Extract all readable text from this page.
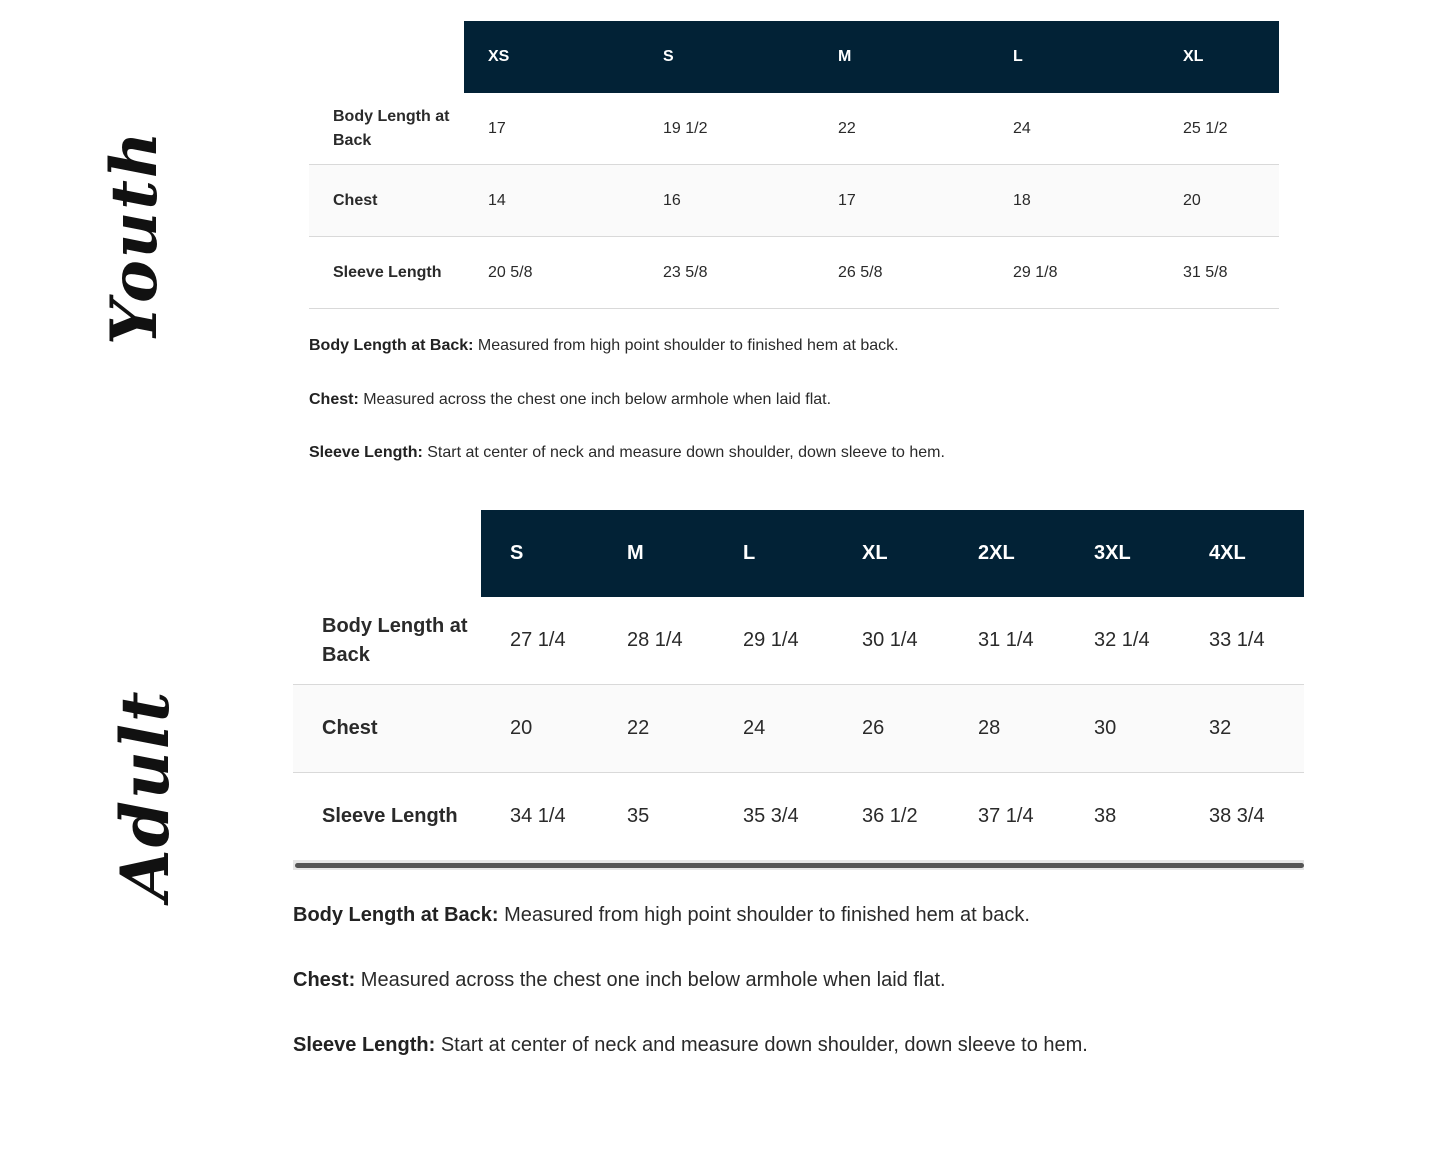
Youth
Adult
	XS	S	M	L	XL
Body Length at Back	17	19 1/2	22	24	25 1/2
Chest	14	16	17	18	20
Sleeve Length	20 5/8	23 5/8	26 5/8	29 1/8	31 5/8

Body Length at Back: Measured from high point shoulder to finished hem at back.

Chest: Measured across the chest one inch below armhole when laid flat.

Sleeve Length: Start at center of neck and measure down shoulder, down sleeve to hem.

	S	M	L	XL	2XL	3XL	4XL
Body Length at Back	27 1/4	28 1/4	29 1/4	30 1/4	31 1/4	32 1/4	33 1/4
Chest	20	22	24	26	28	30	32
Sleeve Length	34 1/4	35	35 3/4	36 1/2	37 1/4	38	38 3/4

Body Length at Back: Measured from high point shoulder to finished hem at back.

Chest: Measured across the chest one inch below armhole when laid flat.

Sleeve Length: Start at center of neck and measure down shoulder, down sleeve to hem.
